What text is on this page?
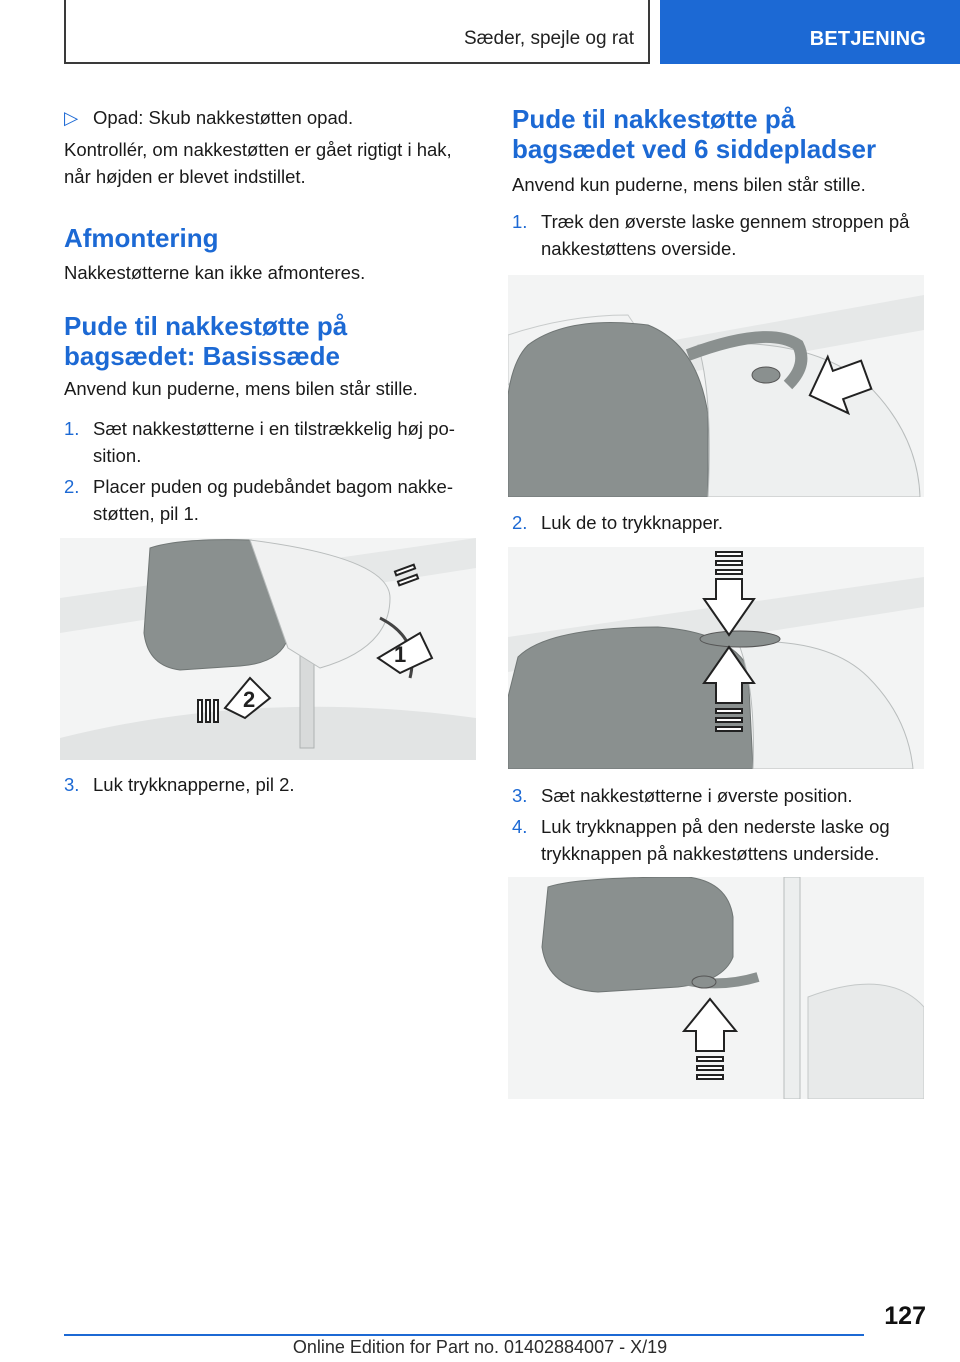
Sæder, spejle og rat	BETJENING
▷ Opad: Skub nakkestøtten opad.

Kontrollér, om nakkestøtten er gået rigtigt i hak,

når højden er blevet indstillet.

Afmontering

Nakkestøtterne kan ikke afmonteres.

Pude til nakkestøtte på
bagsædet: Basissæde

Anvend kun puderne, mens bilen står stille.

1. Sæt nakkestøtterne i en tilstrækkelig høj po‐
sition.
2. Placer puden og pudebåndet bagom nakke‐
støtten, pil 1.
1
2
3. Luk trykknapperne, pil 2.
Pude til nakkestøtte på
bagsædet ved 6 siddepladser

Anvend kun puderne, mens bilen står stille.

1. Træk den øverste laske gennem stroppen på
nakkestøttens overside.
2. Luk de to trykknapper.
3. Sæt nakkestøtterne i øverste position.
4. Luk trykknappen på den nederste laske og
trykknappen på nakkestøttens underside.
127
Online Edition for Part no. 01402884007 - X/19
